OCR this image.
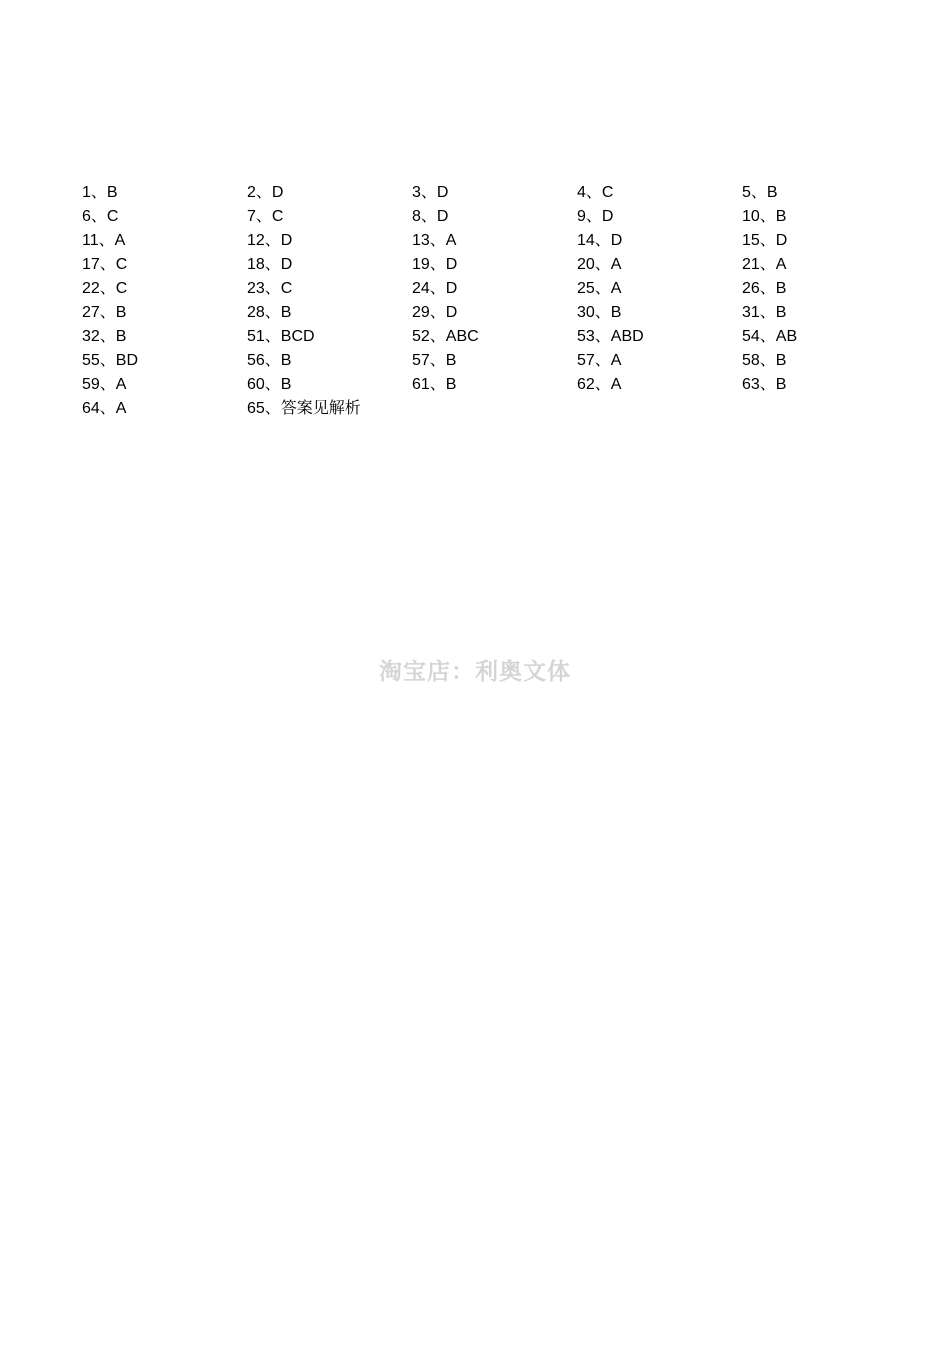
1、B	2、D	3、D	4、C	5、B
6、C	7、C	8、D	9、D	10、B
11、A	12、D	13、A	14、D	15、D
17、C	18、D	19、D	20、A	21、A
22、C	23、C	24、D	25、A	26、B
27、B	28、B	29、D	30、B	31、B
32、B	51、BCD	52、ABC	53、ABD	54、AB
55、BD	56、B	57、B	57、A	58、B
59、A	60、B	61、B	62、A	63、B
64、A	65、答案见解析
淘宝店：利奥文体
